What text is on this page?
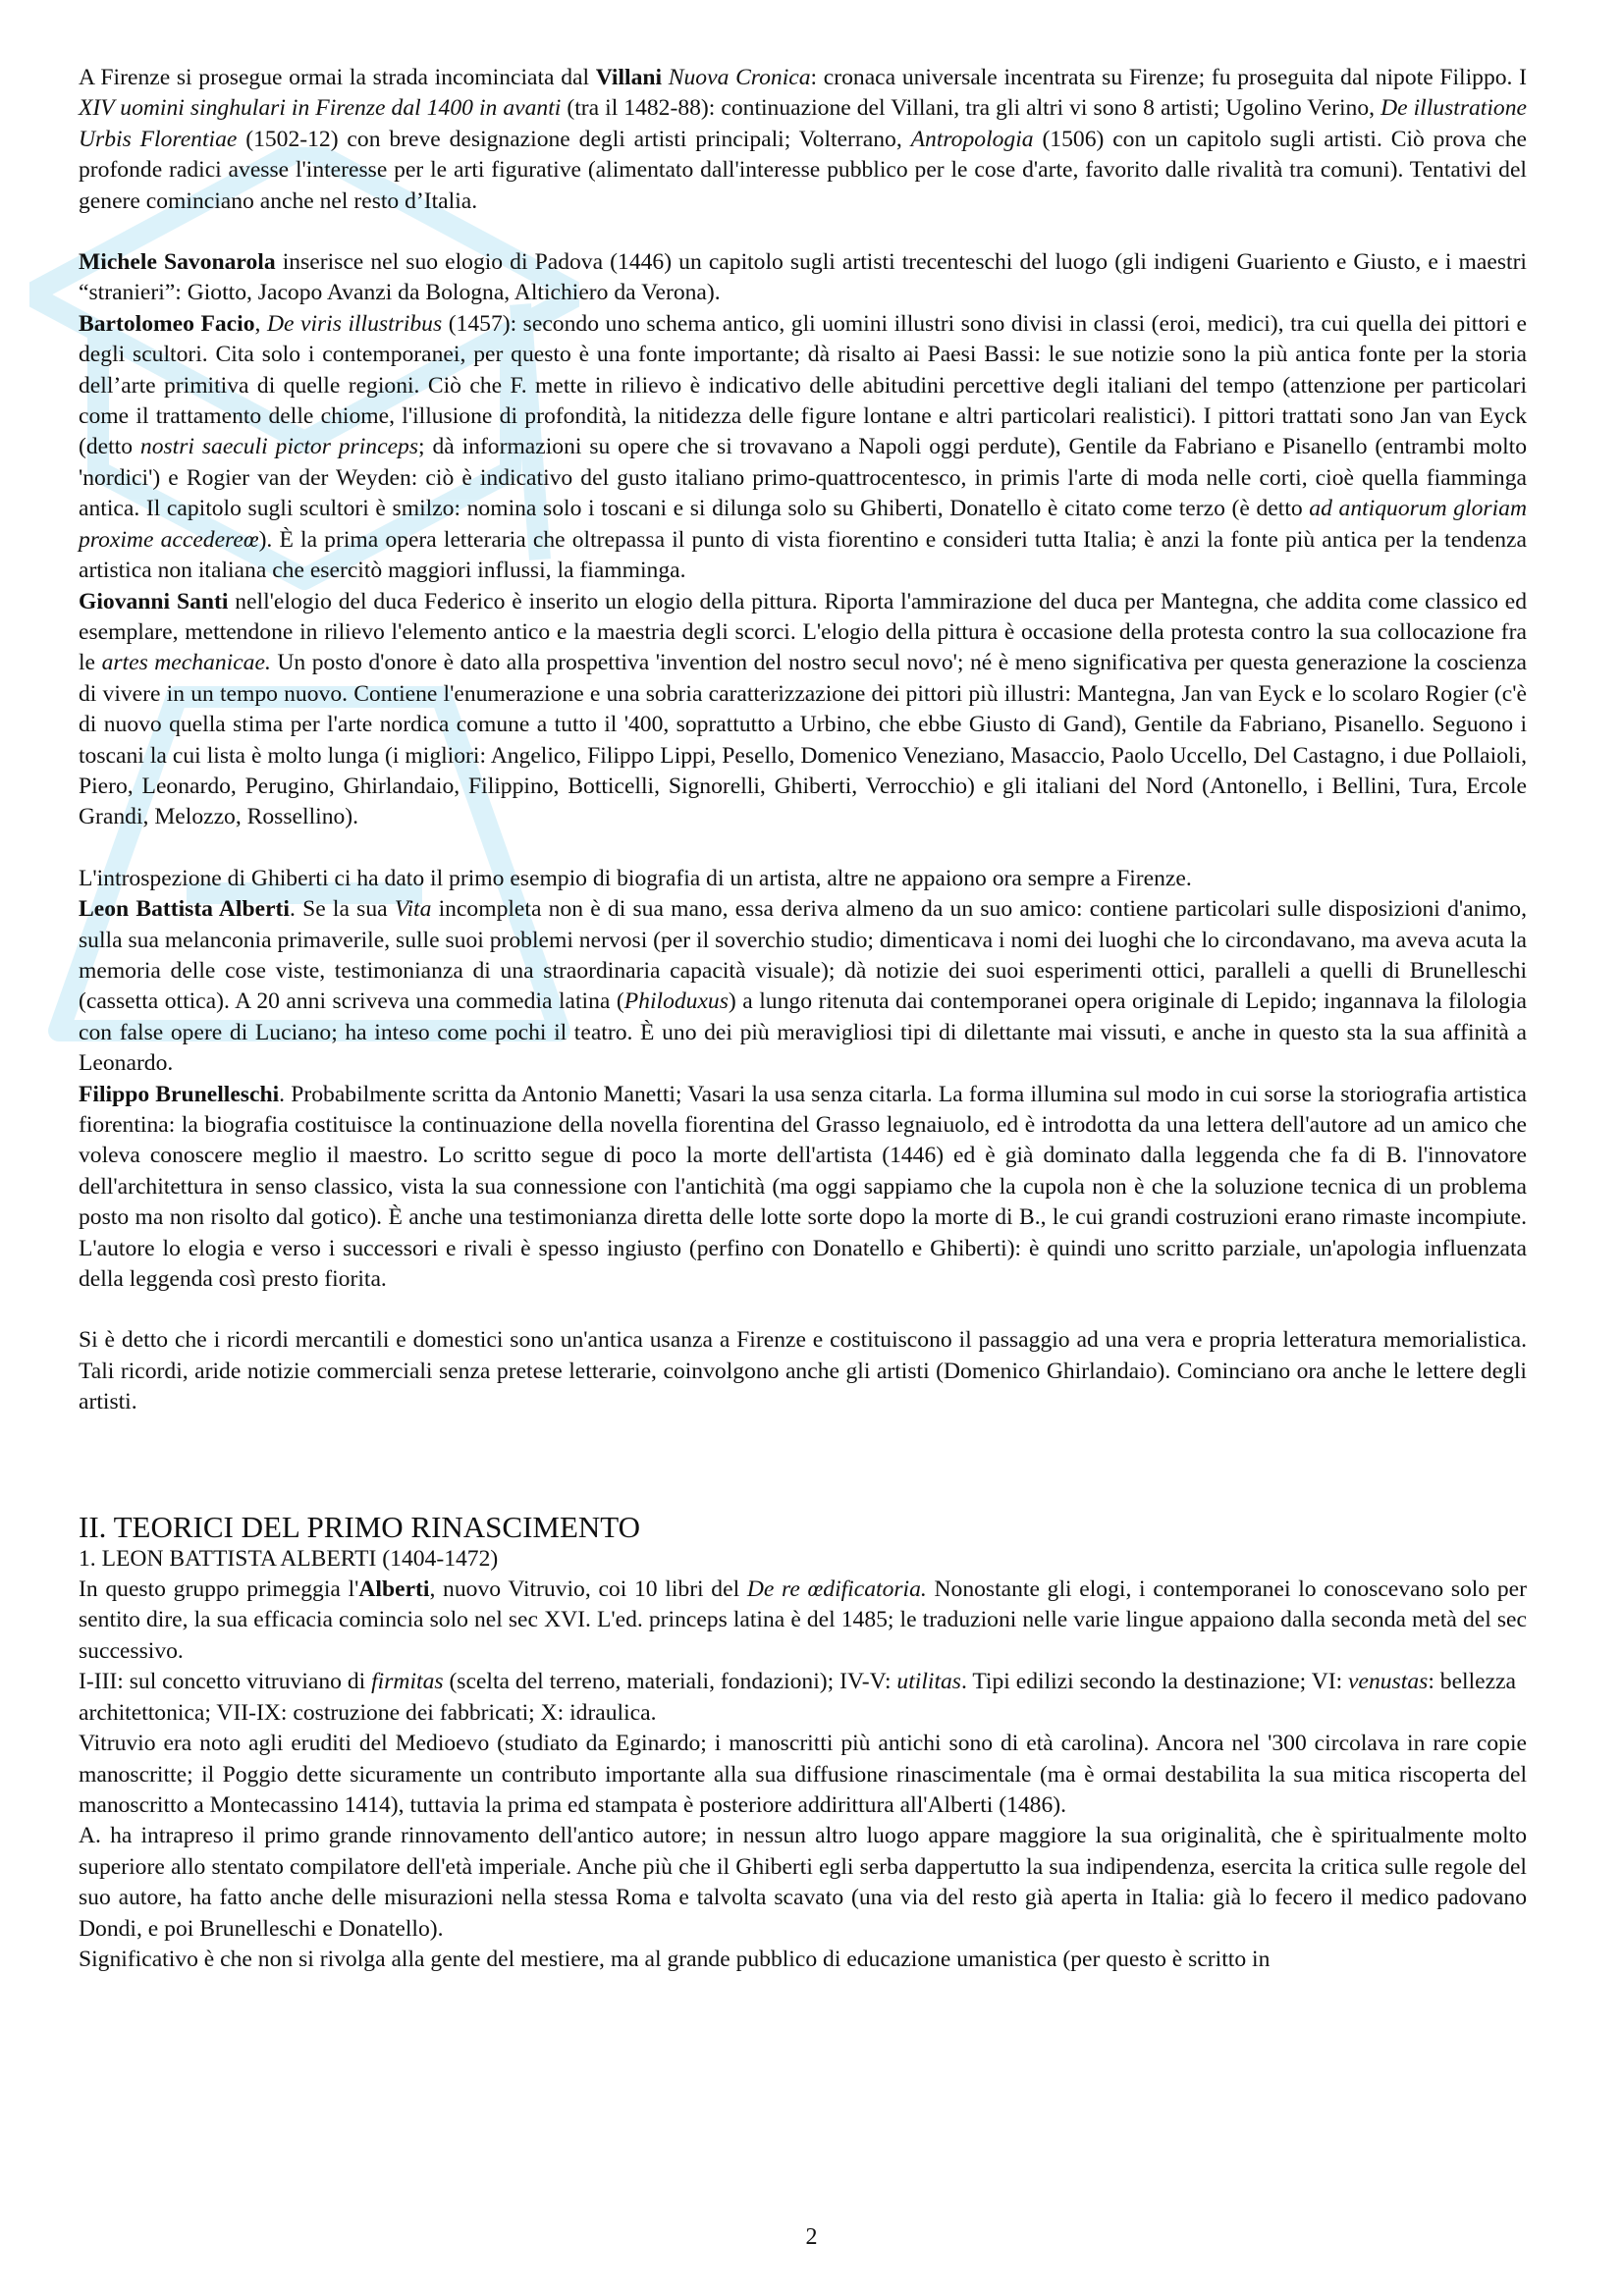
A Firenze si prosegue ormai la strada incominciata dal Villani Nuova Cronica: cronaca universale incentrata su Firenze; fu proseguita dal nipote Filippo. I XIV uomini singhulari in Firenze dal 1400 in avanti (tra il 1482-88): continuazione del Villani, tra gli altri vi sono 8 artisti; Ugolino Verino, De illustratione Urbis Florentiae (1502-12) con breve designazione degli artisti principali; Volterrano, Antropologia (1506) con un capitolo sugli artisti. Ciò prova che profonde radici avesse l'interesse per le arti figurative (alimentato dall'interesse pubblico per le cose d'arte, favorito dalle rivalità tra comuni). Tentativi del genere cominciano anche nel resto d’Italia.

Michele Savonarola inserisce nel suo elogio di Padova (1446) un capitolo sugli artisti trecenteschi del luogo (gli indigeni Guariento e Giusto, e i maestri “stranieri”: Giotto, Jacopo Avanzi da Bologna, Altichiero da Verona).

Bartolomeo Facio, De viris illustribus (1457): secondo uno schema antico, gli uomini illustri sono divisi in classi (eroi, medici), tra cui quella dei pittori e degli scultori. Cita solo i contemporanei, per questo è una fonte importante; dà risalto ai Paesi Bassi: le sue notizie sono la più antica fonte per la storia dell’arte primitiva di quelle regioni. Ciò che F. mette in rilievo è indicativo delle abitudini percettive degli italiani del tempo (attenzione per particolari come il trattamento delle chiome, l'illusione di profondità, la nitidezza delle figure lontane e altri particolari realistici). I pittori trattati sono Jan van Eyck (detto nostri saeculi pictor princeps; dà informazioni su opere che si trovavano a Napoli oggi perdute), Gentile da Fabriano e Pisanello (entrambi molto 'nordici') e Rogier van der Weyden: ciò è indicativo del gusto italiano primo-quattrocentesco, in primis l'arte di moda nelle corti, cioè quella fiamminga antica. Il capitolo sugli scultori è smilzo: nomina solo i toscani e si dilunga solo su Ghiberti, Donatello è citato come terzo (è detto ad antiquorum gloriam proxime accedereœ). È la prima opera letteraria che oltrepassa il punto di vista fiorentino e consideri tutta Italia; è anzi la fonte più antica per la tendenza artistica non italiana che esercitò maggiori influssi, la fiamminga.

Giovanni Santi nell'elogio del duca Federico è inserito un elogio della pittura. Riporta l'ammirazione del duca per Mantegna, che addita come classico ed esemplare, mettendone in rilievo l'elemento antico e la maestria degli scorci. L'elogio della pittura è occasione della protesta contro la sua collocazione fra le artes mechanicae. Un posto d'onore è dato alla prospettiva 'invention del nostro secul novo'; né è meno significativa per questa generazione la coscienza di vivere in un tempo nuovo. Contiene l'enumerazione e una sobria caratterizzazione dei pittori più illustri: Mantegna, Jan van Eyck e lo scolaro Rogier (c'è di nuovo quella stima per l'arte nordica comune a tutto il '400, soprattutto a Urbino, che ebbe Giusto di Gand), Gentile da Fabriano, Pisanello. Seguono i toscani la cui lista è molto lunga (i migliori: Angelico, Filippo Lippi, Pesello, Domenico Veneziano, Masaccio, Paolo Uccello, Del Castagno, i due Pollaioli, Piero, Leonardo, Perugino, Ghirlandaio, Filippino, Botticelli, Signorelli, Ghiberti, Verrocchio) e gli italiani del Nord (Antonello, i Bellini, Tura, Ercole Grandi, Melozzo, Rossellino).

L'introspezione di Ghiberti ci ha dato il primo esempio di biografia di un artista, altre ne appaiono ora sempre a Firenze.

Leon Battista Alberti. Se la sua Vita incompleta non è di sua mano, essa deriva almeno da un suo amico: contiene particolari sulle disposizioni d'animo, sulla sua melanconia primaverile, sulle suoi problemi nervosi (per il soverchio studio; dimenticava i nomi dei luoghi che lo circondavano, ma aveva acuta la memoria delle cose viste, testimonianza di una straordinaria capacità visuale); dà notizie dei suoi esperimenti ottici, paralleli a quelli di Brunelleschi (cassetta ottica). A 20 anni scriveva una commedia latina (Philoduxus) a lungo ritenuta dai contemporanei opera originale di Lepido; ingannava la filologia con false opere di Luciano; ha inteso come pochi il teatro. È uno dei più meravigliosi tipi di dilettante mai vissuti, e anche in questo sta la sua affinità a Leonardo.

Filippo Brunelleschi. Probabilmente scritta da Antonio Manetti; Vasari la usa senza citarla. La forma illumina sul modo in cui sorse la storiografia artistica fiorentina: la biografia costituisce la continuazione della novella fiorentina del Grasso legnaiuolo, ed è introdotta da una lettera dell'autore ad un amico che voleva conoscere meglio il maestro. Lo scritto segue di poco la morte dell'artista (1446) ed è già dominato dalla leggenda che fa di B. l'innovatore dell'architettura in senso classico, vista la sua connessione con l'antichità (ma oggi sappiamo che la cupola non è che la soluzione tecnica di un problema posto ma non risolto dal gotico). È anche una testimonianza diretta delle lotte sorte dopo la morte di B., le cui grandi costruzioni erano rimaste incompiute. L'autore lo elogia e verso i successori e rivali è spesso ingiusto (perfino con Donatello e Ghiberti): è quindi uno scritto parziale, un'apologia influenzata della leggenda così presto fiorita.

Si è detto che i ricordi mercantili e domestici sono un'antica usanza a Firenze e costituiscono il passaggio ad una vera e propria letteratura memorialistica. Tali ricordi, aride notizie commerciali senza pretese letterarie, coinvolgono anche gli artisti (Domenico Ghirlandaio). Cominciano ora anche le lettere degli artisti.

II. TEORICI DEL PRIMO RINASCIMENTO

1. LEON BATTISTA ALBERTI (1404-1472)

In questo gruppo primeggia l'Alberti, nuovo Vitruvio, coi 10 libri del De re œdificatoria. Nonostante gli elogi, i contemporanei lo conoscevano solo per sentito dire, la sua efficacia comincia solo nel sec XVI. L'ed. princeps latina è del 1485; le traduzioni nelle varie lingue appaiono dalla seconda metà del sec successivo.

I-III: sul concetto vitruviano di firmitas (scelta del terreno, materiali, fondazioni); IV-V: utilitas. Tipi edilizi secondo la destinazione; VI: venustas: bellezza architettonica; VII-IX: costruzione dei fabbricati; X: idraulica.

Vitruvio era noto agli eruditi del Medioevo (studiato da Eginardo; i manoscritti più antichi sono di età carolina). Ancora nel '300 circolava in rare copie manoscritte; il Poggio dette sicuramente un contributo importante alla sua diffusione rinascimentale (ma è ormai destabilita la sua mitica riscoperta del manoscritto a Montecassino 1414), tuttavia la prima ed stampata è posteriore addirittura all'Alberti (1486).

A. ha intrapreso il primo grande rinnovamento dell'antico autore; in nessun altro luogo appare maggiore la sua originalità, che è spiritualmente molto superiore allo stentato compilatore dell'età imperiale. Anche più che il Ghiberti egli serba dappertutto la sua indipendenza, esercita la critica sulle regole del suo autore, ha fatto anche delle misurazioni nella stessa Roma e talvolta scavato (una via del resto già aperta in Italia: già lo fecero il medico padovano Dondi, e poi Brunelleschi e Donatello).

Significativo è che non si rivolga alla gente del mestiere, ma al grande pubblico di educazione umanistica (per questo è scritto in

2
